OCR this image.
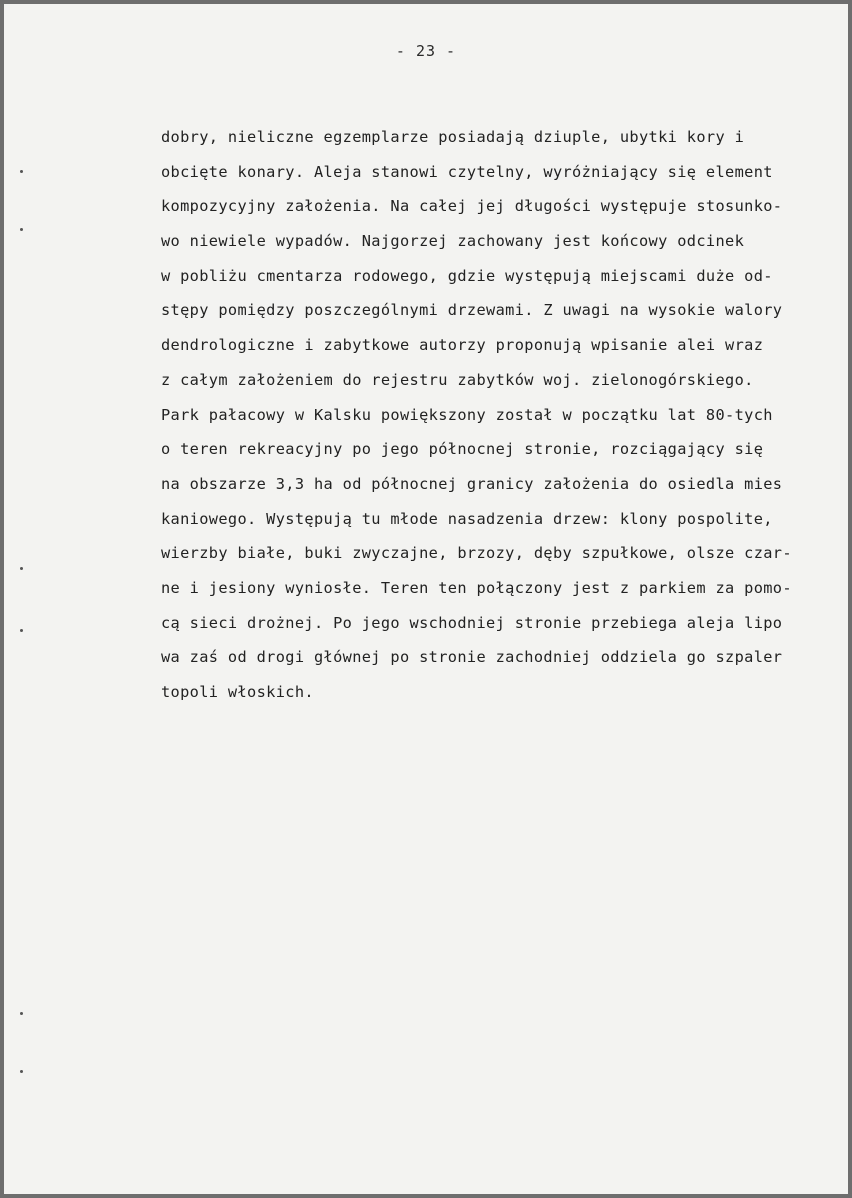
- 23 -
dobry, nieliczne egzemplarze posiadają dziuple, ubytki kory i
obcięte konary. Aleja stanowi czytelny, wyróżniający się element
kompozycyjny założenia. Na całej jej długości występuje stosunko-
wo niewiele wypadów. Najgorzej zachowany jest końcowy odcinek
w pobliżu cmentarza rodowego, gdzie występują miejscami duże od-
stępy pomiędzy poszczególnymi drzewami. Z uwagi na wysokie walory
dendrologiczne i zabytkowe autorzy proponują wpisanie alei wraz
z całym założeniem do rejestru zabytków woj. zielonogórskiego.
Park pałacowy w Kalsku powiększony został w początku lat 80-tych
o teren rekreacyjny po jego północnej stronie, rozciągający się
na obszarze 3,3 ha od północnej granicy założenia do osiedla mies
kaniowego. Występują tu młode nasadzenia drzew: klony pospolite,
wierzby białe, buki zwyczajne, brzozy, dęby szpułkowe, olsze czar-
ne i jesiony wyniosłe. Teren ten połączony jest z parkiem za pomo-
cą sieci drożnej. Po jego wschodniej stronie przebiega aleja lipo
wa zaś od drogi głównej po stronie zachodniej oddziela go szpaler
topoli włoskich.
